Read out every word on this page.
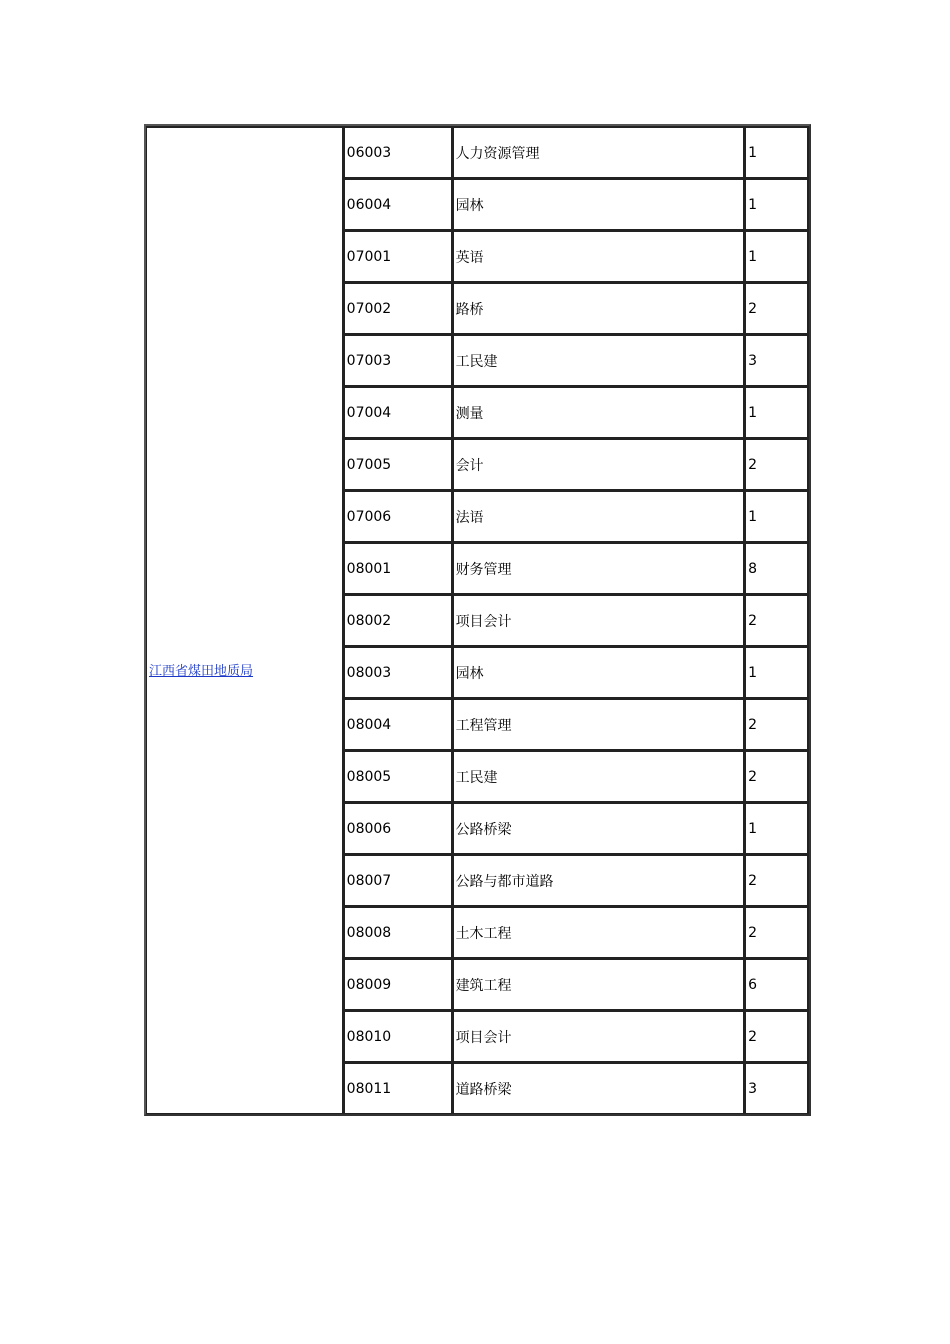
江西省煤田地质局	06003	人力资源管理	1
	06004	园林	1
	07001	英语	1
	07002	路桥	2
	07003	工民建	3
	07004	测量	1
	07005	会计	2
	07006	法语	1
	08001	财务管理	8
	08002	项目会计	2
	08003	园林	1
	08004	工程管理	2
	08005	工民建	2
	08006	公路桥梁	1
	08007	公路与都市道路	2
	08008	土木工程	2
	08009	建筑工程	6
	08010	项目会计	2
	08011	道路桥梁	3
